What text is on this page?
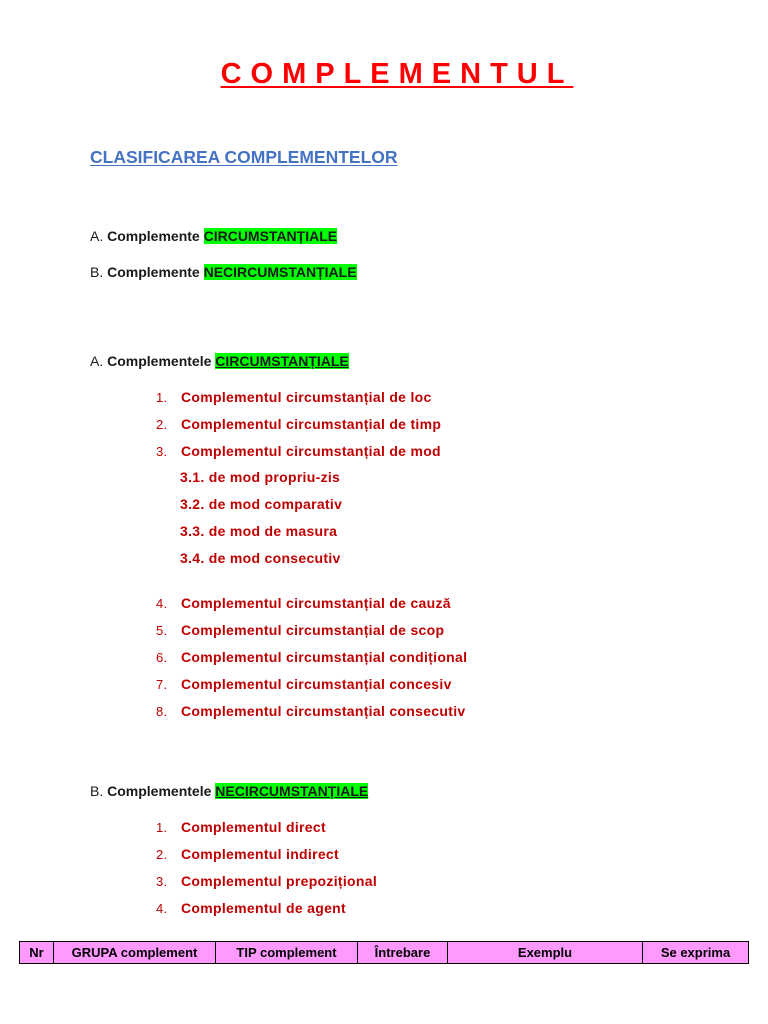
COMPLEMENTUL
CLASIFICAREA COMPLEMENTELOR
A. Complemente CIRCUMSTANȚIALE
B. Complemente NECIRCUMSTANȚIALE
A. Complementele CIRCUMSTANȚIALE
1. Complementul circumstanțial de loc
2. Complementul circumstanțial de timp
3. Complementul circumstanțial de mod
3.1. de mod propriu-zis
3.2. de mod comparativ
3.3. de mod de masura
3.4. de mod consecutiv
4. Complementul circumstanțial de cauză
5. Complementul circumstanțial de scop
6. Complementul circumstanțial condițional
7. Complementul circumstanțial concesiv
8. Complementul circumstanțial consecutiv
B. Complementele NECIRCUMSTANȚIALE
1. Complementul direct
2. Complementul indirect
3. Complementul prepozițional
4. Complementul de agent
Nr	GRUPA complement	TIP complement	Întrebare	Exemplu	Se exprima
